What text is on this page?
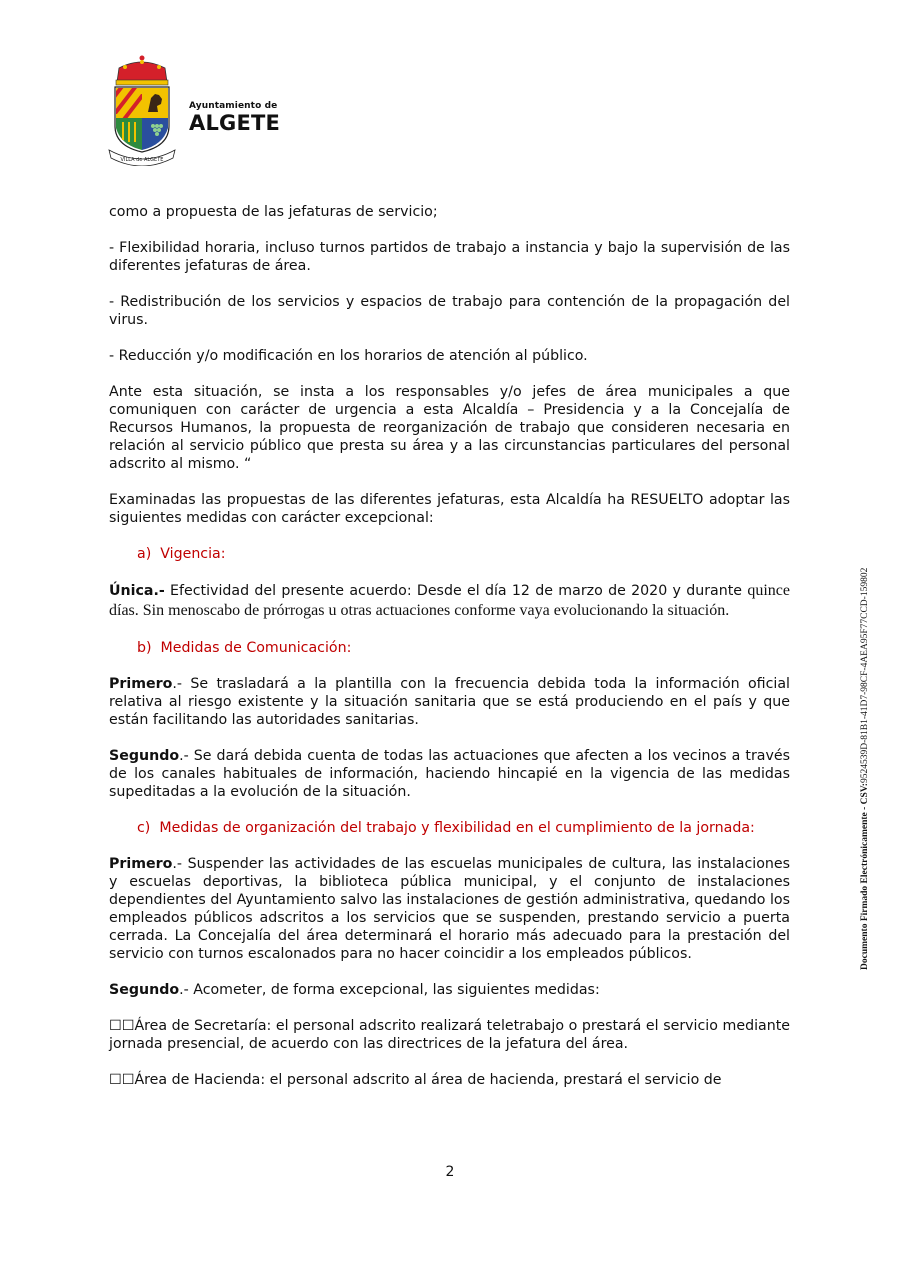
VILLA de ALGETE
Ayuntamiento de
ALGETE

como a propuesta de las jefaturas de servicio;

- Flexibilidad horaria, incluso turnos partidos de trabajo a instancia y bajo la supervisión de las diferentes jefaturas de área.

- Redistribución de los servicios y espacios de trabajo para contención de la propagación del virus.

- Reducción y/o modificación en los horarios de atención al público.

Ante esta situación, se insta a los responsables y/o jefes de área municipales a que comuniquen con carácter de urgencia a esta Alcaldía – Presidencia y a la Concejalía de Recursos Humanos, la propuesta de reorganización de trabajo que consideren necesaria en relación al servicio público que presta su área y a las circunstancias particulares del personal adscrito al mismo. “

Examinadas las propuestas de las diferentes jefaturas, esta Alcaldía ha RESUELTO adoptar las siguientes medidas con carácter excepcional:

a)  Vigencia:

Única.- Efectividad del presente acuerdo: Desde el día 12 de marzo de 2020 y durante quince días. Sin menoscabo de prórrogas u otras actuaciones conforme vaya evolucionando la situación.

b)  Medidas de Comunicación:

Primero.- Se trasladará a la plantilla con la frecuencia debida toda la información oficial relativa al riesgo existente y la situación sanitaria que se está produciendo en el país y que están facilitando las autoridades sanitarias.

Segundo.- Se dará debida cuenta de todas las actuaciones que afecten a los vecinos a través de los canales habituales de información, haciendo hincapié en la vigencia de las medidas supeditadas a la evolución de la situación.

c)  Medidas de organización del trabajo y flexibilidad en el cumplimiento de la jornada:

Primero.- Suspender las actividades de las escuelas municipales de cultura, las instalaciones y escuelas deportivas, la biblioteca pública municipal, y el conjunto de instalaciones dependientes del Ayuntamiento salvo las instalaciones de gestión administrativa, quedando los empleados públicos adscritos a los servicios que se suspenden, prestando servicio a puerta cerrada. La Concejalía del área determinará el horario más adecuado para la prestación del servicio con turnos escalonados para no hacer coincidir a los empleados públicos.

Segundo.- Acometer, de forma excepcional, las siguientes medidas:

☐☐Área de Secretaría: el personal adscrito realizará teletrabajo o prestará el servicio mediante jornada presencial, de acuerdo con las directrices de la jefatura del área.

☐☐Área de Hacienda: el personal adscrito al área de hacienda, prestará el servicio de

2
Documento Firmado Electrónicamente - CSV:9524539D-81B1-41D7-98CF-4AEA95F77CCD-159802
